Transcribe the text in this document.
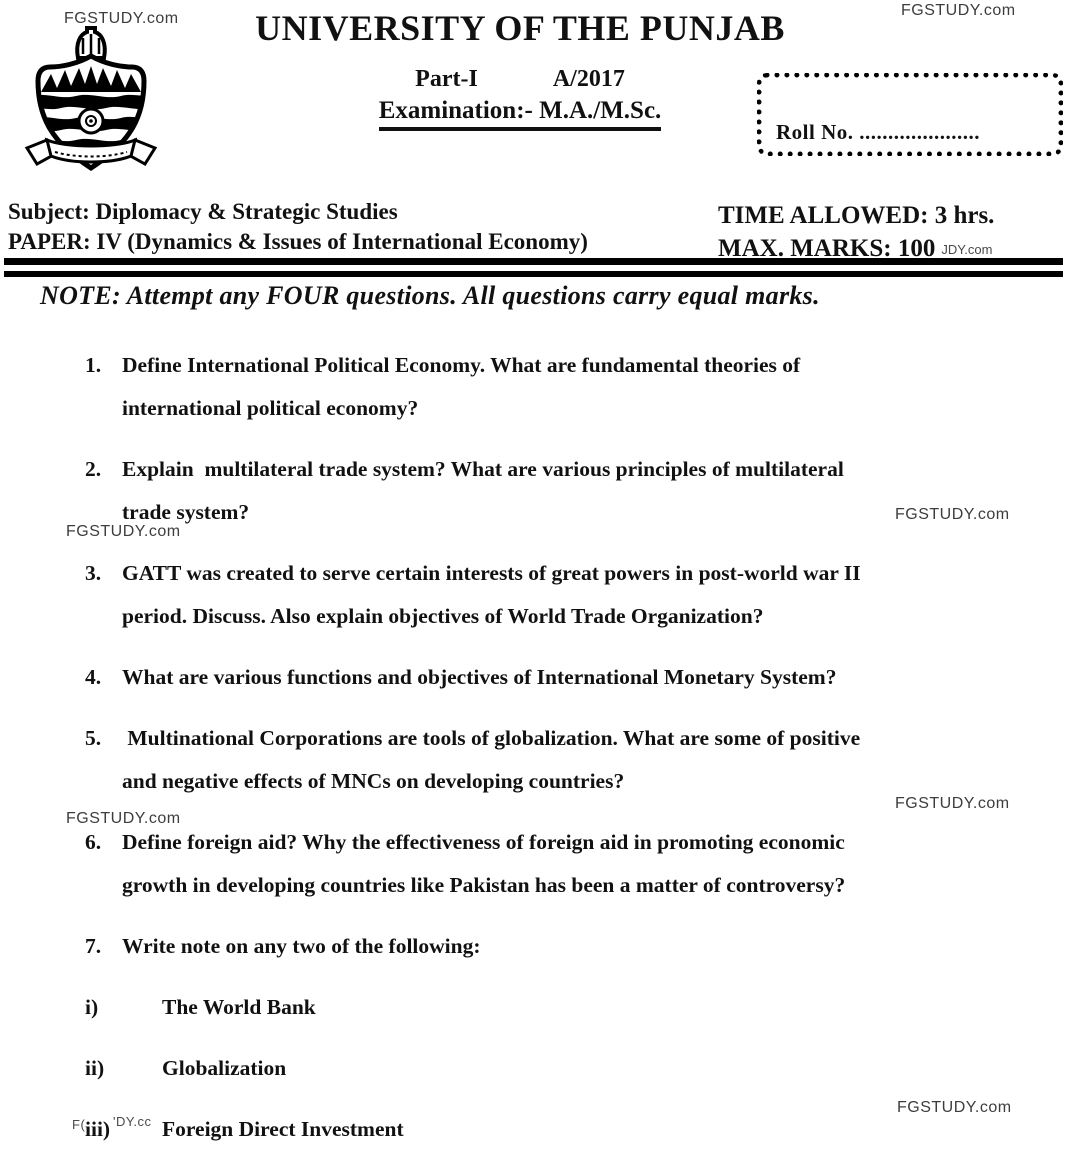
FGSTUDY.com	FGSTUDY.com
FGSTUDY.com
FGSTUDY.com
FGSTUDY.com
FGSTUDY.com
FGSTUDY.com
F( 'DY.cc
UNIVERSITY OF THE PUNJAB
Part-I	A/2017
Examination:- M.A./M.Sc.
Roll No. .....................
Subject: Diplomacy & Strategic Studies
PAPER: IV (Dynamics & Issues of International Economy)
TIME ALLOWED: 3 hrs.
MAX. MARKS: 100 JDY.com
NOTE: Attempt any FOUR questions. All questions carry equal marks.
1. Define International Political Economy. What are fundamental theories of
international political economy?
2. Explain  multilateral trade system? What are various principles of multilateral
trade system?
3. GATT was created to serve certain interests of great powers in post-world war II
period. Discuss. Also explain objectives of World Trade Organization?
4. What are various functions and objectives of International Monetary System?
5. Multinational Corporations are tools of globalization. What are some of positive
and negative effects of MNCs on developing countries?
6. Define foreign aid? Why the effectiveness of foreign aid in promoting economic
growth in developing countries like Pakistan has been a matter of controversy?
7. Write note on any two of the following:
i)	The World Bank
ii)	Globalization
iii)	Foreign Direct Investment
